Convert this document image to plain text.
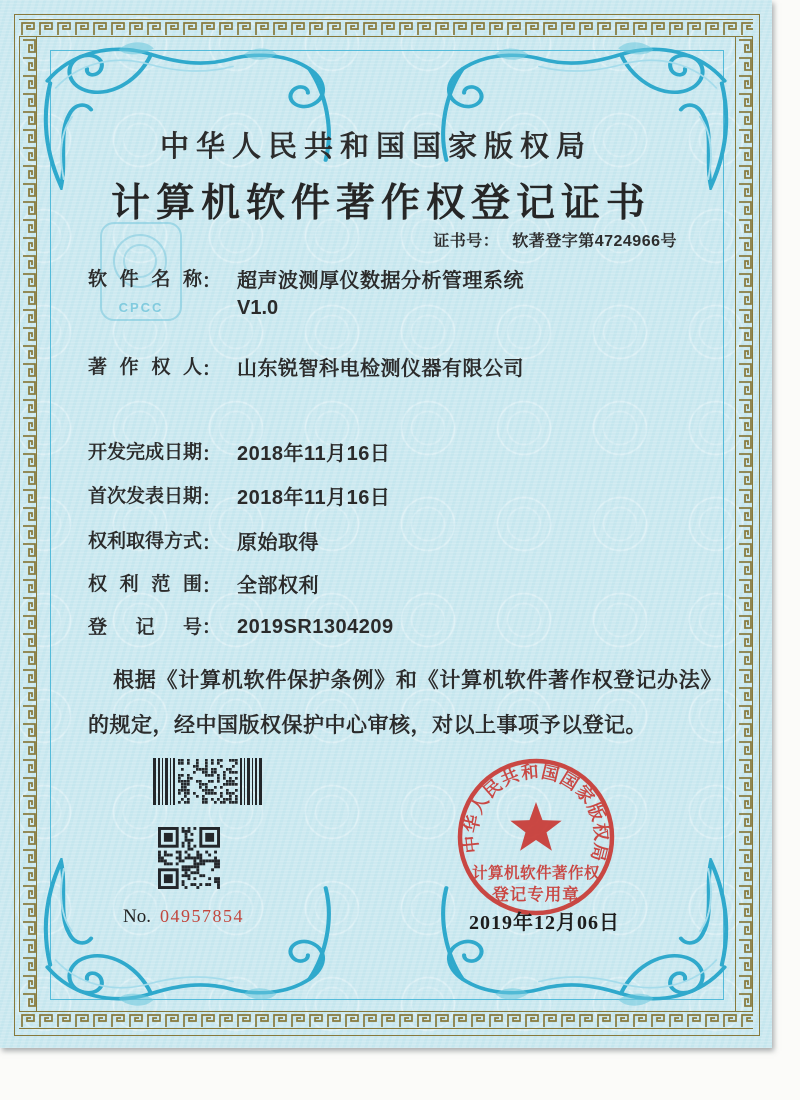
CPCC
中华人民共和国国家版权局
计算机软件著作权登记证书
证书号： 软著登字第4724966号
软件名称： 超声波测厚仪数据分析管理系统
V1.0
著作权人： 山东锐智科电检测仪器有限公司
开发完成日期： 2018年11月16日
首次发表日期： 2018年11月16日
权利取得方式： 原始取得
权利范围： 全部权利
登记号： 2019SR1304209
根据《计算机软件保护条例》和《计算机软件著作权登记办法》的规定，经中国版权保护中心审核，对以上事项予以登记。
No. 04957854
中华人民共和国国家版权局
计算机软件著作权
登记专用章
2019年12月06日
